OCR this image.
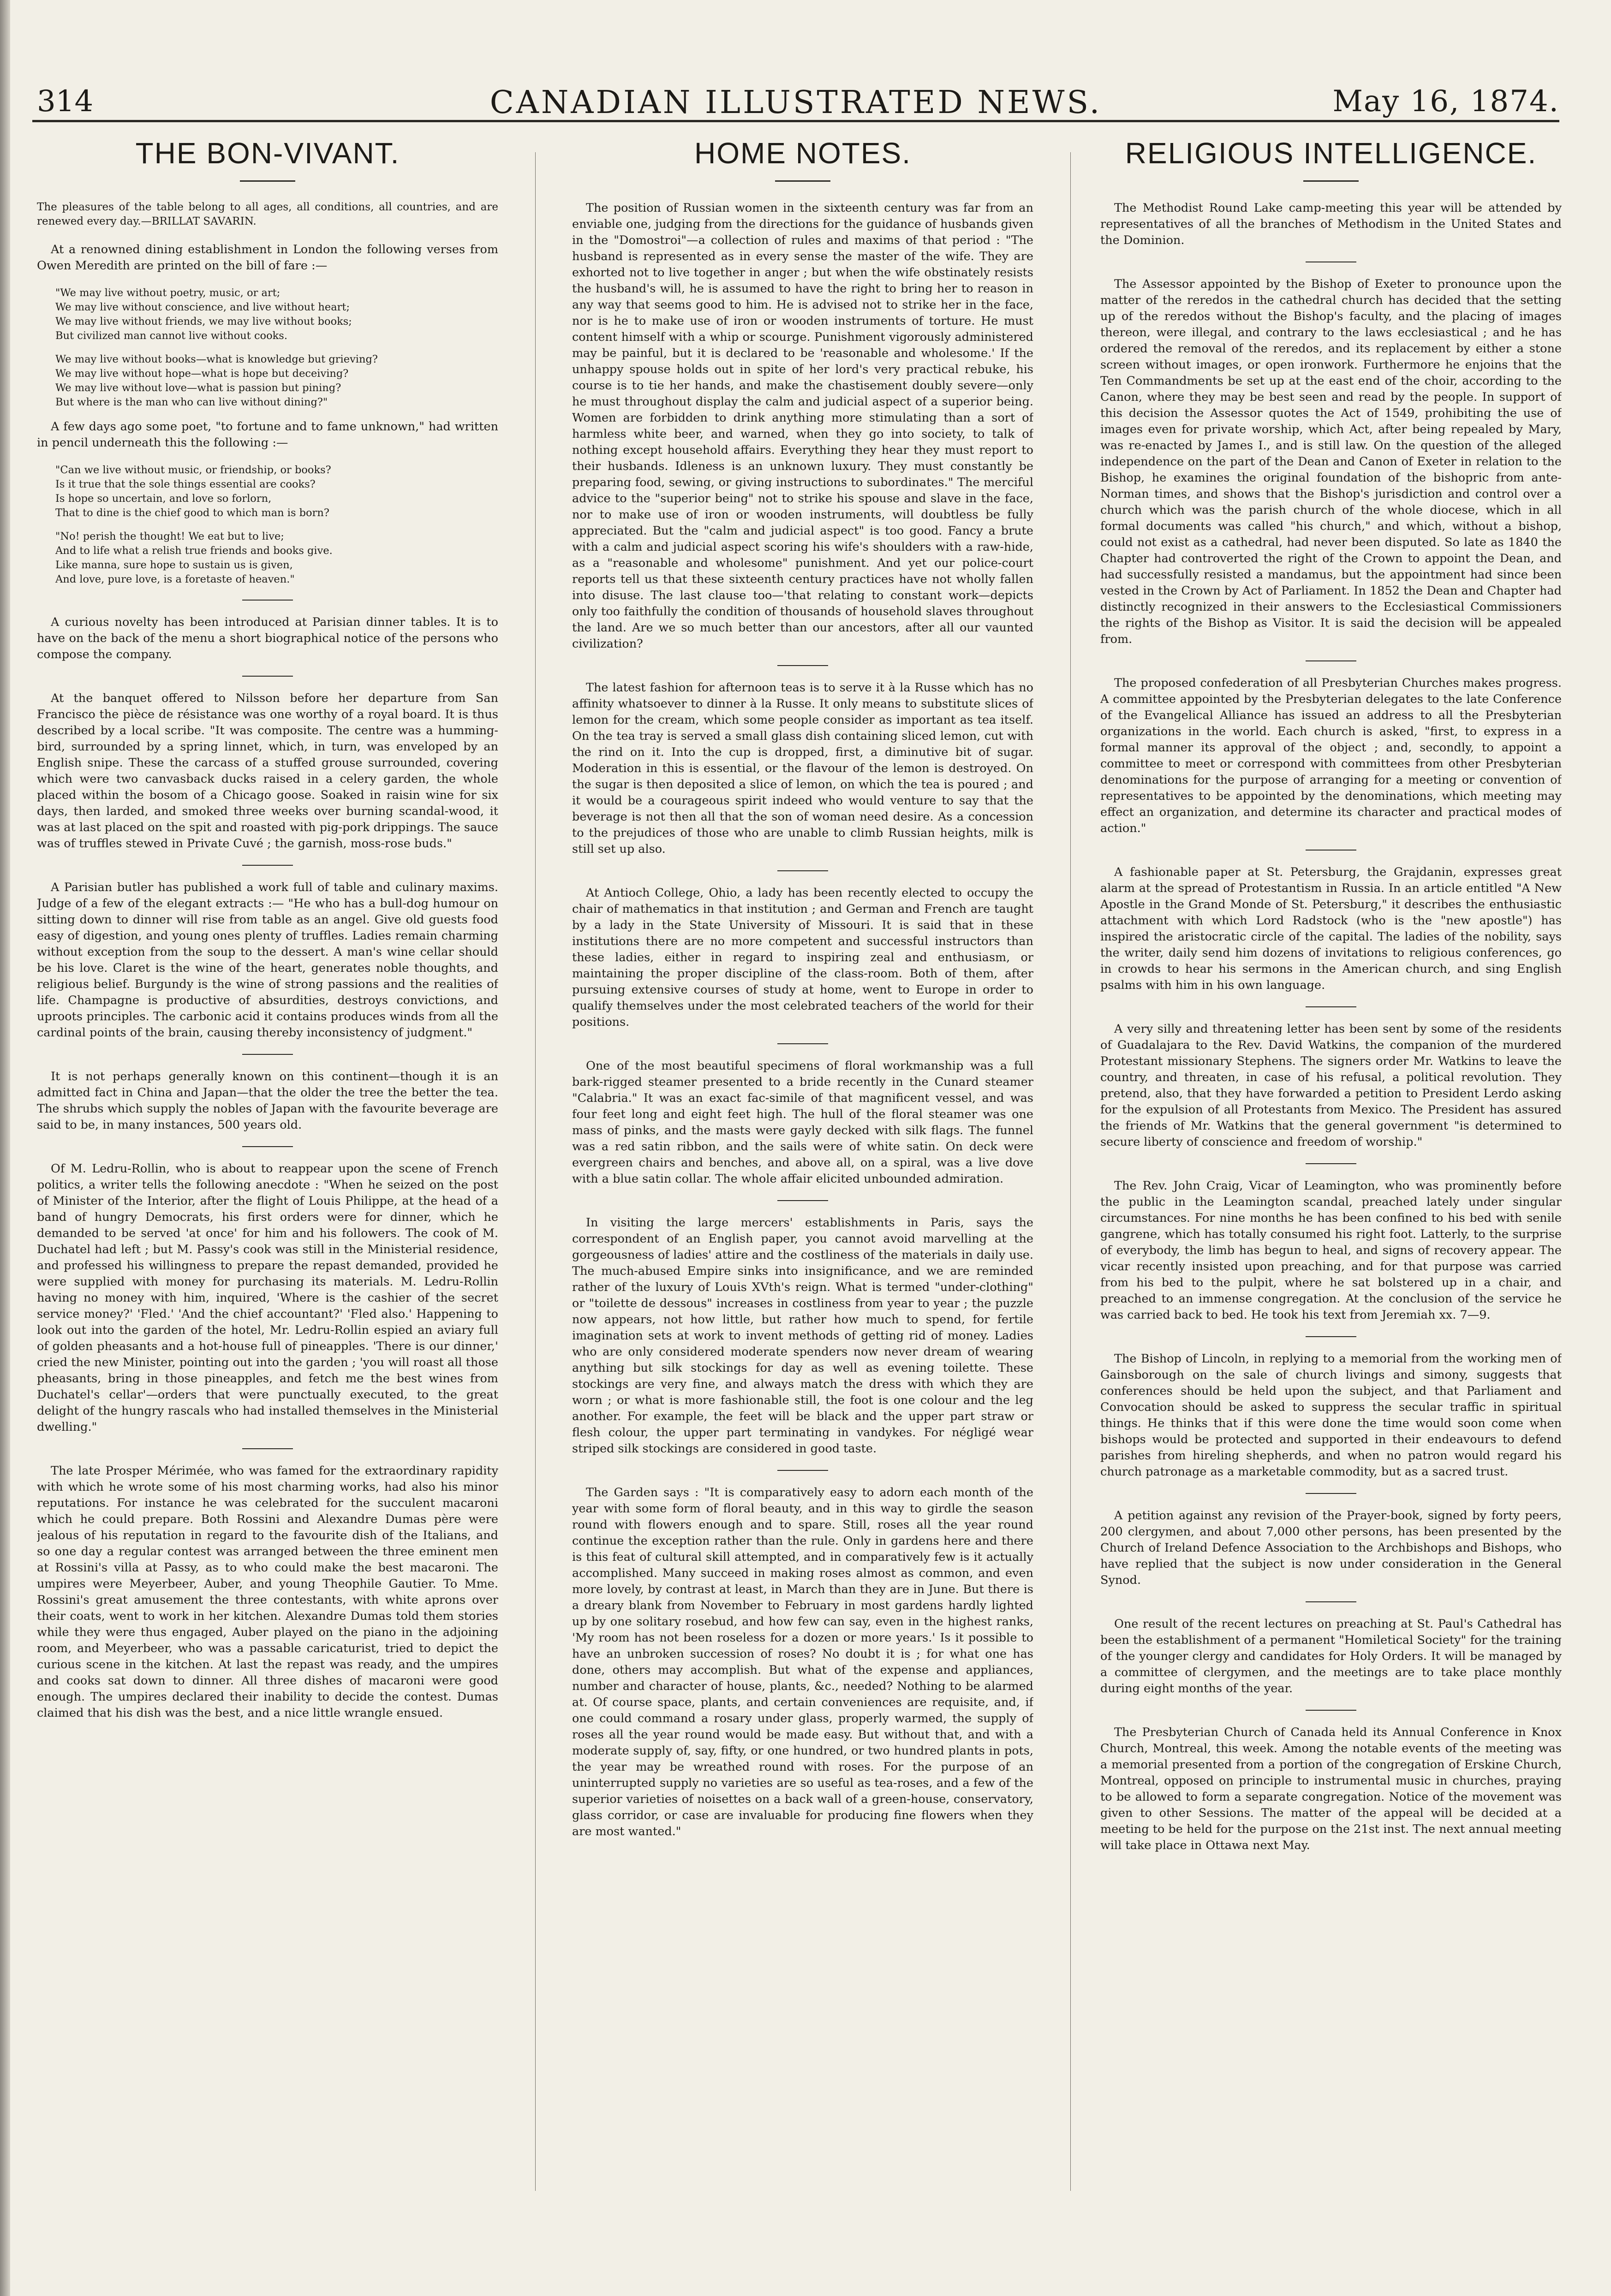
314	CANADIAN ILLUSTRATED NEWS.	May 16, 1874.
THE BON-VIVANT.

The pleasures of the table belong to all ages, all conditions, all countries, and are renewed every day.—BRILLAT SAVARIN.

At a renowned dining establishment in London the following verses from Owen Meredith are printed on the bill of fare :—

"We may live without poetry, music, or art;
We may live without conscience, and live without heart;
We may live without friends, we may live without books;
But civilized man cannot live without cooks.
We may live without books—what is knowledge but grieving?
We may live without hope—what is hope but deceiving?
We may live without love—what is passion but pining?
But where is the man who can live without dining?"

A few days ago some poet, "to fortune and to fame unknown," had written in pencil underneath this the following :—

"Can we live without music, or friendship, or books?
Is it true that the sole things essential are cooks?
Is hope so uncertain, and love so forlorn,
That to dine is the chief good to which man is born?
"No! perish the thought! We eat but to live;
And to life what a relish true friends and books give.
Like manna, sure hope to sustain us is given,
And love, pure love, is a foretaste of heaven."

A curious novelty has been introduced at Parisian dinner tables. It is to have on the back of the menu a short biographical notice of the persons who compose the company.

At the banquet offered to Nilsson before her departure from San Francisco the pièce de résistance was one worthy of a royal board. It is thus described by a local scribe. "It was composite. The centre was a humming-bird, surrounded by a spring linnet, which, in turn, was enveloped by an English snipe. These the carcass of a stuffed grouse surrounded, covering which were two canvasback ducks raised in a celery garden, the whole placed within the bosom of a Chicago goose. Soaked in raisin wine for six days, then larded, and smoked three weeks over burning scandal-wood, it was at last placed on the spit and roasted with pig-pork drippings. The sauce was of truffles stewed in Private Cuvé ; the garnish, moss-rose buds."

A Parisian butler has published a work full of table and culinary maxims. Judge of a few of the elegant extracts :— "He who has a bull-dog humour on sitting down to dinner will rise from table as an angel. Give old guests food easy of digestion, and young ones plenty of truffles. Ladies remain charming without exception from the soup to the dessert. A man's wine cellar should be his love. Claret is the wine of the heart, generates noble thoughts, and religious belief. Burgundy is the wine of strong passions and the realities of life. Champagne is productive of absurdities, destroys convictions, and uproots principles. The carbonic acid it contains produces winds from all the cardinal points of the brain, causing thereby inconsistency of judgment."

It is not perhaps generally known on this continent—though it is an admitted fact in China and Japan—that the older the tree the better the tea. The shrubs which supply the nobles of Japan with the favourite beverage are said to be, in many instances, 500 years old.

Of M. Ledru-Rollin, who is about to reappear upon the scene of French politics, a writer tells the following anecdote : "When he seized on the post of Minister of the Interior, after the flight of Louis Philippe, at the head of a band of hungry Democrats, his first orders were for dinner, which he demanded to be served 'at once' for him and his followers. The cook of M. Duchatel had left ; but M. Passy's cook was still in the Ministerial residence, and professed his willingness to prepare the repast demanded, provided he were supplied with money for purchasing its materials. M. Ledru-Rollin having no money with him, inquired, 'Where is the cashier of the secret service money?' 'Fled.' 'And the chief accountant?' 'Fled also.' Happening to look out into the garden of the hotel, Mr. Ledru-Rollin espied an aviary full of golden pheasants and a hot-house full of pineapples. 'There is our dinner,' cried the new Minister, pointing out into the garden ; 'you will roast all those pheasants, bring in those pineapples, and fetch me the best wines from Duchatel's cellar'—orders that were punctually executed, to the great delight of the hungry rascals who had installed themselves in the Ministerial dwelling."

The late Prosper Mérimée, who was famed for the extraordinary rapidity with which he wrote some of his most charming works, had also his minor reputations. For instance he was celebrated for the succulent macaroni which he could prepare. Both Rossini and Alexandre Dumas père were jealous of his reputation in regard to the favourite dish of the Italians, and so one day a regular contest was arranged between the three eminent men at Rossini's villa at Passy, as to who could make the best macaroni. The umpires were Meyerbeer, Auber, and young Theophile Gautier. To Mme. Rossini's great amusement the three contestants, with white aprons over their coats, went to work in her kitchen. Alexandre Dumas told them stories while they were thus engaged, Auber played on the piano in the adjoining room, and Meyerbeer, who was a passable caricaturist, tried to depict the curious scene in the kitchen. At last the repast was ready, and the umpires and cooks sat down to dinner. All three dishes of macaroni were good enough. The umpires declared their inability to decide the contest. Dumas claimed that his dish was the best, and a nice little wrangle ensued.

HOME NOTES.

The position of Russian women in the sixteenth century was far from an enviable one, judging from the directions for the guidance of husbands given in the "Domostroi"—a collection of rules and maxims of that period : "The husband is represented as in every sense the master of the wife. They are exhorted not to live together in anger ; but when the wife obstinately resists the husband's will, he is assumed to have the right to bring her to reason in any way that seems good to him. He is advised not to strike her in the face, nor is he to make use of iron or wooden instruments of torture. He must content himself with a whip or scourge. Punishment vigorously administered may be painful, but it is declared to be 'reasonable and wholesome.' If the unhappy spouse holds out in spite of her lord's very practical rebuke, his course is to tie her hands, and make the chastisement doubly severe—only he must throughout display the calm and judicial aspect of a superior being. Women are forbidden to drink anything more stimulating than a sort of harmless white beer, and warned, when they go into society, to talk of nothing except household affairs. Everything they hear they must report to their husbands. Idleness is an unknown luxury. They must constantly be preparing food, sewing, or giving instructions to subordinates." The merciful advice to the "superior being" not to strike his spouse and slave in the face, nor to make use of iron or wooden instruments, will doubtless be fully appreciated. But the "calm and judicial aspect" is too good. Fancy a brute with a calm and judicial aspect scoring his wife's shoulders with a raw-hide, as a "reasonable and wholesome" punishment. And yet our police-court reports tell us that these sixteenth century practices have not wholly fallen into disuse. The last clause too—'that relating to constant work—depicts only too faithfully the condition of thousands of household slaves throughout the land. Are we so much better than our ancestors, after all our vaunted civilization?

The latest fashion for afternoon teas is to serve it à la Russe which has no affinity whatsoever to dinner à la Russe. It only means to substitute slices of lemon for the cream, which some people consider as important as tea itself. On the tea tray is served a small glass dish containing sliced lemon, cut with the rind on it. Into the cup is dropped, first, a diminutive bit of sugar. Moderation in this is essential, or the flavour of the lemon is destroyed. On the sugar is then deposited a slice of lemon, on which the tea is poured ; and it would be a courageous spirit indeed who would venture to say that the beverage is not then all that the son of woman need desire. As a concession to the prejudices of those who are unable to climb Russian heights, milk is still set up also.

At Antioch College, Ohio, a lady has been recently elected to occupy the chair of mathematics in that institution ; and German and French are taught by a lady in the State University of Missouri. It is said that in these institutions there are no more competent and successful instructors than these ladies, either in regard to inspiring zeal and enthusiasm, or maintaining the proper discipline of the class-room. Both of them, after pursuing extensive courses of study at home, went to Europe in order to qualify themselves under the most celebrated teachers of the world for their positions.

One of the most beautiful specimens of floral workmanship was a full bark-rigged steamer presented to a bride recently in the Cunard steamer "Calabria." It was an exact fac-simile of that magnificent vessel, and was four feet long and eight feet high. The hull of the floral steamer was one mass of pinks, and the masts were gayly decked with silk flags. The funnel was a red satin ribbon, and the sails were of white satin. On deck were evergreen chairs and benches, and above all, on a spiral, was a live dove with a blue satin collar. The whole affair elicited unbounded admiration.

In visiting the large mercers' establishments in Paris, says the correspondent of an English paper, you cannot avoid marvelling at the gorgeousness of ladies' attire and the costliness of the materials in daily use. The much-abused Empire sinks into insignificance, and we are reminded rather of the luxury of Louis XVth's reign. What is termed "under-clothing" or "toilette de dessous" increases in costliness from year to year ; the puzzle now appears, not how little, but rather how much to spend, for fertile imagination sets at work to invent methods of getting rid of money. Ladies who are only considered moderate spenders now never dream of wearing anything but silk stockings for day as well as evening toilette. These stockings are very fine, and always match the dress with which they are worn ; or what is more fashionable still, the foot is one colour and the leg another. For example, the feet will be black and the upper part straw or flesh colour, the upper part terminating in vandykes. For négligé wear striped silk stockings are considered in good taste.

The Garden says : "It is comparatively easy to adorn each month of the year with some form of floral beauty, and in this way to girdle the season round with flowers enough and to spare. Still, roses all the year round continue the exception rather than the rule. Only in gardens here and there is this feat of cultural skill attempted, and in comparatively few is it actually accomplished. Many succeed in making roses almost as common, and even more lovely, by contrast at least, in March than they are in June. But there is a dreary blank from November to February in most gardens hardly lighted up by one solitary rosebud, and how few can say, even in the highest ranks, 'My room has not been roseless for a dozen or more years.' Is it possible to have an unbroken succession of roses? No doubt it is ; for what one has done, others may accomplish. But what of the expense and appliances, number and character of house, plants, &c., needed? Nothing to be alarmed at. Of course space, plants, and certain conveniences are requisite, and, if one could command a rosary under glass, properly warmed, the supply of roses all the year round would be made easy. But without that, and with a moderate supply of, say, fifty, or one hundred, or two hundred plants in pots, the year may be wreathed round with roses. For the purpose of an uninterrupted supply no varieties are so useful as tea-roses, and a few of the superior varieties of noisettes on a back wall of a green-house, conservatory, glass corridor, or case are invaluable for producing fine flowers when they are most wanted."

RELIGIOUS INTELLIGENCE.

The Methodist Round Lake camp-meeting this year will be attended by representatives of all the branches of Methodism in the United States and the Dominion.

The Assessor appointed by the Bishop of Exeter to pronounce upon the matter of the reredos in the cathedral church has decided that the setting up of the reredos without the Bishop's faculty, and the placing of images thereon, were illegal, and contrary to the laws ecclesiastical ; and he has ordered the removal of the reredos, and its replacement by either a stone screen without images, or open ironwork. Furthermore he enjoins that the Ten Commandments be set up at the east end of the choir, according to the Canon, where they may be best seen and read by the people. In support of this decision the Assessor quotes the Act of 1549, prohibiting the use of images even for private worship, which Act, after being repealed by Mary, was re-enacted by James I., and is still law. On the question of the alleged independence on the part of the Dean and Canon of Exeter in relation to the Bishop, he examines the original foundation of the bishopric from ante-Norman times, and shows that the Bishop's jurisdiction and control over a church which was the parish church of the whole diocese, which in all formal documents was called "his church," and which, without a bishop, could not exist as a cathedral, had never been disputed. So late as 1840 the Chapter had controverted the right of the Crown to appoint the Dean, and had successfully resisted a mandamus, but the appointment had since been vested in the Crown by Act of Parliament. In 1852 the Dean and Chapter had distinctly recognized in their answers to the Ecclesiastical Commissioners the rights of the Bishop as Visitor. It is said the decision will be appealed from.

The proposed confederation of all Presbyterian Churches makes progress. A committee appointed by the Presbyterian delegates to the late Conference of the Evangelical Alliance has issued an address to all the Presbyterian organizations in the world. Each church is asked, "first, to express in a formal manner its approval of the object ; and, secondly, to appoint a committee to meet or correspond with committees from other Presbyterian denominations for the purpose of arranging for a meeting or convention of representatives to be appointed by the denominations, which meeting may effect an organization, and determine its character and practical modes of action."

A fashionable paper at St. Petersburg, the Grajdanin, expresses great alarm at the spread of Protestantism in Russia. In an article entitled "A New Apostle in the Grand Monde of St. Petersburg," it describes the enthusiastic attachment with which Lord Radstock (who is the "new apostle") has inspired the aristocratic circle of the capital. The ladies of the nobility, says the writer, daily send him dozens of invitations to religious conferences, go in crowds to hear his sermons in the American church, and sing English psalms with him in his own language.

A very silly and threatening letter has been sent by some of the residents of Guadalajara to the Rev. David Watkins, the companion of the murdered Protestant missionary Stephens. The signers order Mr. Watkins to leave the country, and threaten, in case of his refusal, a political revolution. They pretend, also, that they have forwarded a petition to President Lerdo asking for the expulsion of all Protestants from Mexico. The President has assured the friends of Mr. Watkins that the general government "is determined to secure liberty of conscience and freedom of worship."

The Rev. John Craig, Vicar of Leamington, who was prominently before the public in the Leamington scandal, preached lately under singular circumstances. For nine months he has been confined to his bed with senile gangrene, which has totally consumed his right foot. Latterly, to the surprise of everybody, the limb has begun to heal, and signs of recovery appear. The vicar recently insisted upon preaching, and for that purpose was carried from his bed to the pulpit, where he sat bolstered up in a chair, and preached to an immense congregation. At the conclusion of the service he was carried back to bed. He took his text from Jeremiah xx. 7—9.

The Bishop of Lincoln, in replying to a memorial from the working men of Gainsborough on the sale of church livings and simony, suggests that conferences should be held upon the subject, and that Parliament and Convocation should be asked to suppress the secular traffic in spiritual things. He thinks that if this were done the time would soon come when bishops would be protected and supported in their endeavours to defend parishes from hireling shepherds, and when no patron would regard his church patronage as a marketable commodity, but as a sacred trust.

A petition against any revision of the Prayer-book, signed by forty peers, 200 clergymen, and about 7,000 other persons, has been presented by the Church of Ireland Defence Association to the Archbishops and Bishops, who have replied that the subject is now under consideration in the General Synod.

One result of the recent lectures on preaching at St. Paul's Cathedral has been the establishment of a permanent "Homiletical Society" for the training of the younger clergy and candidates for Holy Orders. It will be managed by a committee of clergymen, and the meetings are to take place monthly during eight months of the year.

The Presbyterian Church of Canada held its Annual Conference in Knox Church, Montreal, this week. Among the notable events of the meeting was a memorial presented from a portion of the congregation of Erskine Church, Montreal, opposed on principle to instrumental music in churches, praying to be allowed to form a separate congregation. Notice of the movement was given to other Sessions. The matter of the appeal will be decided at a meeting to be held for the purpose on the 21st inst. The next annual meeting will take place in Ottawa next May.
